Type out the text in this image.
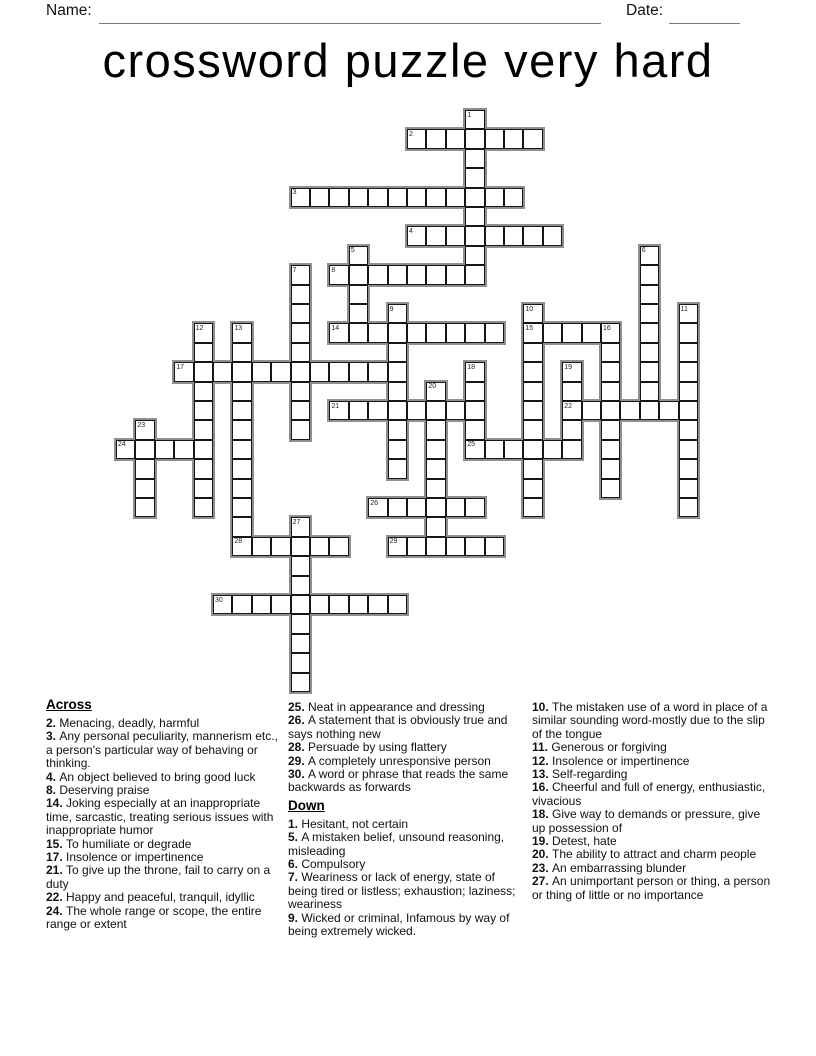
Name:	Date:
crossword puzzle very hard
2
3
4
8
14	15
17
21	22
24	25
26
28	29
30
1
5	6
7
9	10	11
12	13	16
18	19
20
23
27
Across

2. Menacing, deadly, harmful

3. Any personal peculiarity, mannerism etc., a person's particular way of behaving or thinking.

4. An object believed to bring good luck

8. Deserving praise

14. Joking especially at an inappropriate time, sarcastic, treating serious issues with inappropriate humor

15. To humiliate or degrade

17. Insolence or impertinence

21. To give up the throne, fail to carry on a duty

22. Happy and peaceful, tranquil, idyllic

24. The whole range or scope, the entire range or extent

25. Neat in appearance and dressing

26. A statement that is obviously true and says nothing new

28. Persuade by using flattery

29. A completely unresponsive person

30. A word or phrase that reads the same backwards as forwards

Down

1. Hesitant, not certain

5. A mistaken belief, unsound reasoning, misleading

6. Compulsory

7. Weariness or lack of energy, state of being tired or listless; exhaustion; laziness; weariness

9. Wicked or criminal, Infamous by way of being extremely wicked.

10. The mistaken use of a word in place of a similar sounding word-mostly due to the slip of the tongue

11. Generous or forgiving

12. Insolence or impertinence

13. Self-regarding

16. Cheerful and full of energy, enthusiastic, vivacious

18. Give way to demands or pressure, give up possession of

19. Detest, hate

20. The ability to attract and charm people

23. An embarrassing blunder

27. An unimportant person or thing, a person or thing of little or no importance
